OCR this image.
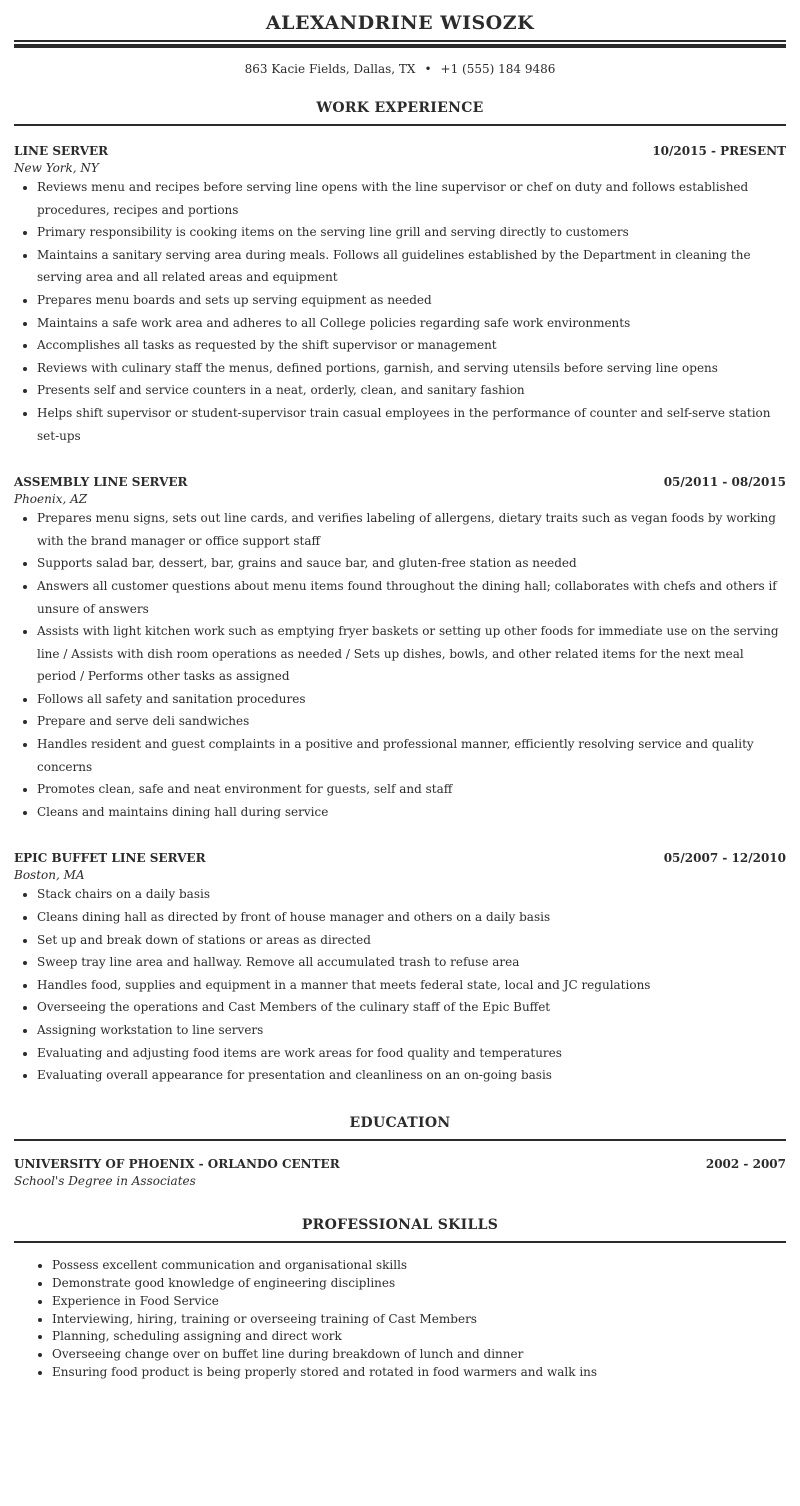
ALEXANDRINE WISOZK
863 Kacie Fields, Dallas, TX • +1 (555) 184 9486
WORK EXPERIENCE
LINE SERVER	10/2015 - PRESENT
New York, NY
• Reviews menu and recipes before serving line opens with the line supervisor or chef on duty and follows established procedures, recipes and portions
• Primary responsibility is cooking items on the serving line grill and serving directly to customers
• Maintains a sanitary serving area during meals. Follows all guidelines established by the Department in cleaning the serving area and all related areas and equipment
• Prepares menu boards and sets up serving equipment as needed
• Maintains a safe work area and adheres to all College policies regarding safe work environments
• Accomplishes all tasks as requested by the shift supervisor or management
• Reviews with culinary staff the menus, defined portions, garnish, and serving utensils before serving line opens
• Presents self and service counters in a neat, orderly, clean, and sanitary fashion
• Helps shift supervisor or student-supervisor train casual employees in the performance of counter and self-serve station set-ups
ASSEMBLY LINE SERVER	05/2011 - 08/2015
Phoenix, AZ
• Prepares menu signs, sets out line cards, and verifies labeling of allergens, dietary traits such as vegan foods by working with the brand manager or office support staff
• Supports salad bar, dessert, bar, grains and sauce bar, and gluten-free station as needed
• Answers all customer questions about menu items found throughout the dining hall; collaborates with chefs and others if unsure of answers
• Assists with light kitchen work such as emptying fryer baskets or setting up other foods for immediate use on the serving line / Assists with dish room operations as needed / Sets up dishes, bowls, and other related items for the next meal period / Performs other tasks as assigned
• Follows all safety and sanitation procedures
• Prepare and serve deli sandwiches
• Handles resident and guest complaints in a positive and professional manner, efficiently resolving service and quality concerns
• Promotes clean, safe and neat environment for guests, self and staff
• Cleans and maintains dining hall during service
EPIC BUFFET LINE SERVER	05/2007 - 12/2010
Boston, MA
• Stack chairs on a daily basis
• Cleans dining hall as directed by front of house manager and others on a daily basis
• Set up and break down of stations or areas as directed
• Sweep tray line area and hallway. Remove all accumulated trash to refuse area
• Handles food, supplies and equipment in a manner that meets federal state, local and JC regulations
• Overseeing the operations and Cast Members of the culinary staff of the Epic Buffet
• Assigning workstation to line servers
• Evaluating and adjusting food items are work areas for food quality and temperatures
• Evaluating overall appearance for presentation and cleanliness on an on-going basis
EDUCATION
UNIVERSITY OF PHOENIX - ORLANDO CENTER	2002 - 2007
School's Degree in Associates
PROFESSIONAL SKILLS
• Possess excellent communication and organisational skills
• Demonstrate good knowledge of engineering disciplines
• Experience in Food Service
• Interviewing, hiring, training or overseeing training of Cast Members
• Planning, scheduling assigning and direct work
• Overseeing change over on buffet line during breakdown of lunch and dinner
• Ensuring food product is being properly stored and rotated in food warmers and walk ins
